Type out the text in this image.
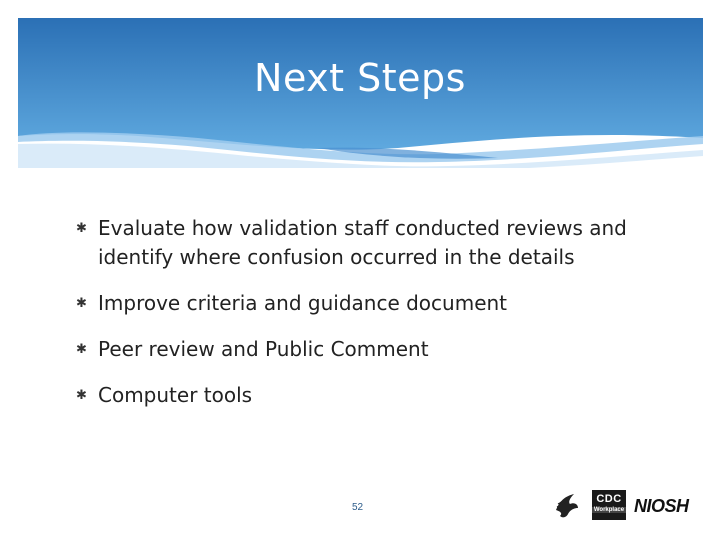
Next Steps
✱ Evaluate how validation staff conducted reviews and identify where confusion occurred in the details
✱ Improve criteria and guidance document
✱ Peer review and Public Comment
✱ Computer tools
52
CDC
Workplace NIOSH
